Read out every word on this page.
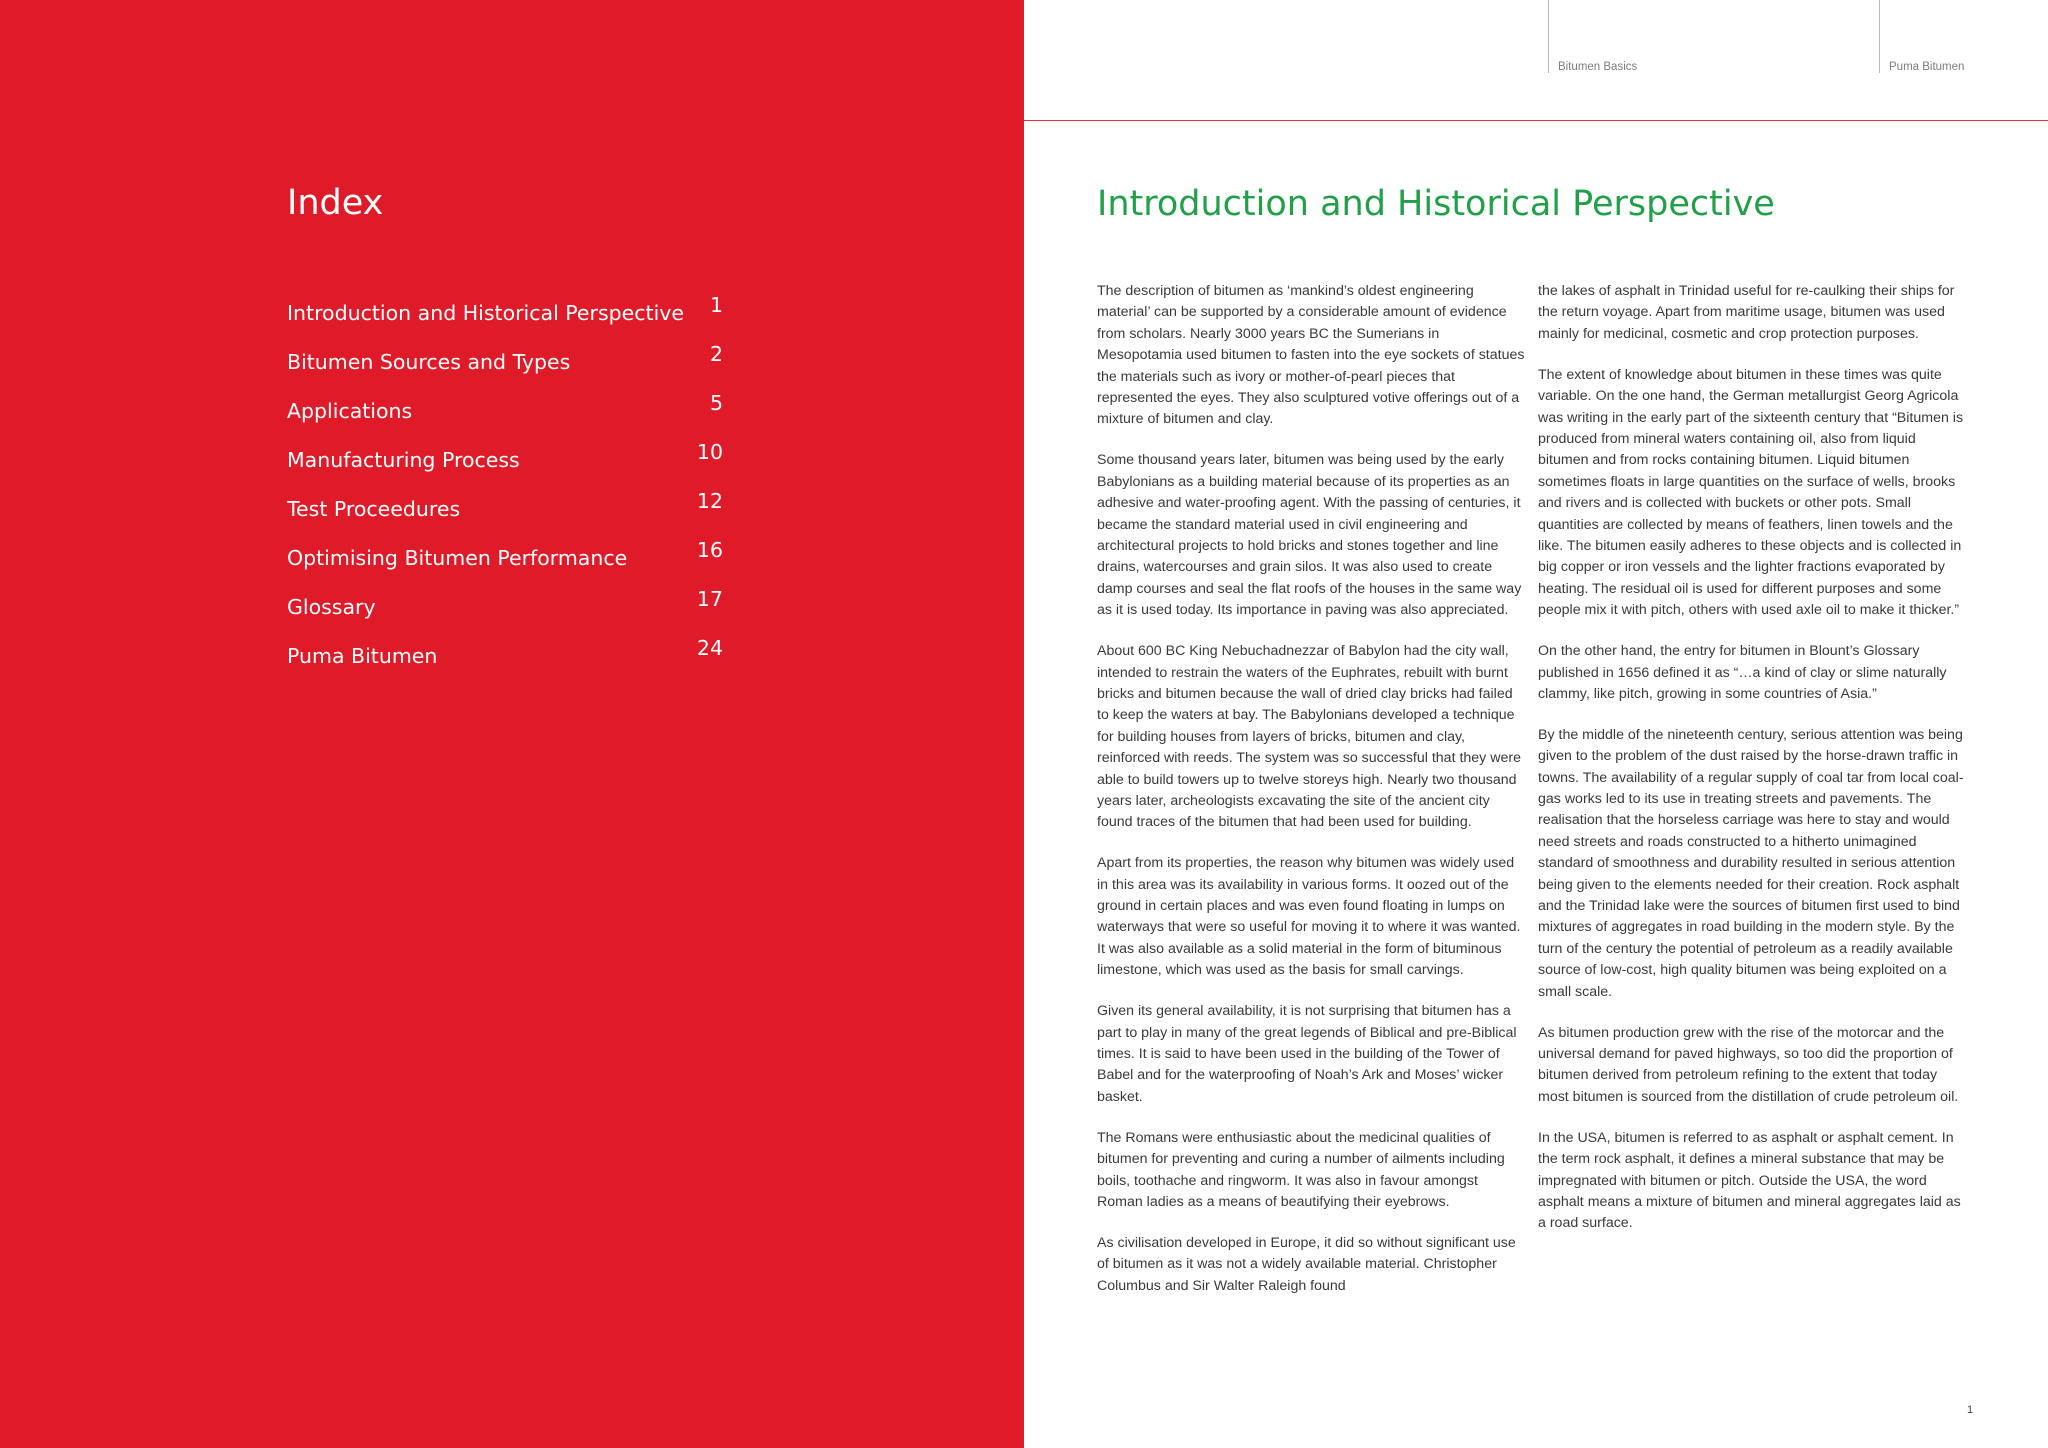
Index
Introduction and Historical Perspective 1
Bitumen Sources and Types	2
Applications	5
Manufacturing Process	10
Test Proceedures	12
Optimising Bitumen Performance	16
Glossary	17
Puma Bitumen	24
Bitumen Basics	Puma Bitumen
Introduction and Historical Perspective

The description of bitumen as ‘mankind’s oldest engineering material’ can be supported by a considerable amount of evidence from scholars. Nearly 3000 years BC the Sumerians in Mesopotamia used bitumen to fasten into the eye sockets of statues the materials such as ivory or mother-of-pearl pieces that represented the eyes. They also sculptured votive offerings out of a mixture of bitumen and clay.

Some thousand years later, bitumen was being used by the early Babylonians as a building material because of its properties as an adhesive and water-proofing agent. With the passing of centuries, it became the standard material used in civil engineering and architectural projects to hold bricks and stones together and line drains, watercourses and grain silos. It was also used to create damp courses and seal the flat roofs of the houses in the same way as it is used today. Its importance in paving was also appreciated.

About 600 BC King Nebuchadnezzar of Babylon had the city wall, intended to restrain the waters of the Euphrates, rebuilt with burnt bricks and bitumen because the wall of dried clay bricks had failed to keep the waters at bay. The Babylonians developed a technique for building houses from layers of bricks, bitumen and clay, reinforced with reeds. The system was so successful that they were able to build towers up to twelve storeys high. Nearly two thousand years later, archeologists excavating the site of the ancient city found traces of the bitumen that had been used for building.

Apart from its properties, the reason why bitumen was widely used in this area was its availability in various forms. It oozed out of the ground in certain places and was even found floating in lumps on waterways that were so useful for moving it to where it was wanted. It was also available as a solid material in the form of bituminous limestone, which was used as the basis for small carvings.

Given its general availability, it is not surprising that bitumen has a part to play in many of the great legends of Biblical and pre-Biblical times. It is said to have been used in the building of the Tower of Babel and for the waterproofing of Noah’s Ark and Moses’ wicker basket.

The Romans were enthusiastic about the medicinal qualities of bitumen for preventing and curing a number of ailments including boils, toothache and ringworm. It was also in favour amongst Roman ladies as a means of beautifying their eyebrows.

As civilisation developed in Europe, it did so without significant use of bitumen as it was not a widely available material. Christopher Columbus and Sir Walter Raleigh found

the lakes of asphalt in Trinidad useful for re-caulking their ships for the return voyage. Apart from maritime usage, bitumen was used mainly for medicinal, cosmetic and crop protection purposes.

The extent of knowledge about bitumen in these times was quite variable. On the one hand, the German metallurgist Georg Agricola was writing in the early part of the sixteenth century that “Bitumen is produced from mineral waters containing oil, also from liquid bitumen and from rocks containing bitumen. Liquid bitumen sometimes floats in large quantities on the surface of wells, brooks and rivers and is collected with buckets or other pots. Small quantities are collected by means of feathers, linen towels and the like. The bitumen easily adheres to these objects and is collected in big copper or iron vessels and the lighter fractions evaporated by heating. The residual oil is used for different purposes and some people mix it with pitch, others with used axle oil to make it thicker.”

On the other hand, the entry for bitumen in Blount’s Glossary published in 1656 defined it as “…a kind of clay or slime naturally clammy, like pitch, growing in some countries of Asia.”

By the middle of the nineteenth century, serious attention was being given to the problem of the dust raised by the horse-drawn traffic in towns. The availability of a regular supply of coal tar from local coal-gas works led to its use in treating streets and pavements. The realisation that the horseless carriage was here to stay and would need streets and roads constructed to a hitherto unimagined standard of smoothness and durability resulted in serious attention being given to the elements needed for their creation. Rock asphalt and the Trinidad lake were the sources of bitumen first used to bind mixtures of aggregates in road building in the modern style. By the turn of the century the potential of petroleum as a readily available source of low-cost, high quality bitumen was being exploited on a small scale.

As bitumen production grew with the rise of the motorcar and the universal demand for paved highways, so too did the proportion of bitumen derived from petroleum refining to the extent that today most bitumen is sourced from the distillation of crude petroleum oil.

In the USA, bitumen is referred to as asphalt or asphalt cement. In the term rock asphalt, it defines a mineral substance that may be impregnated with bitumen or pitch. Outside the USA, the word asphalt means a mixture of bitumen and mineral aggregates laid as a road surface.

1
